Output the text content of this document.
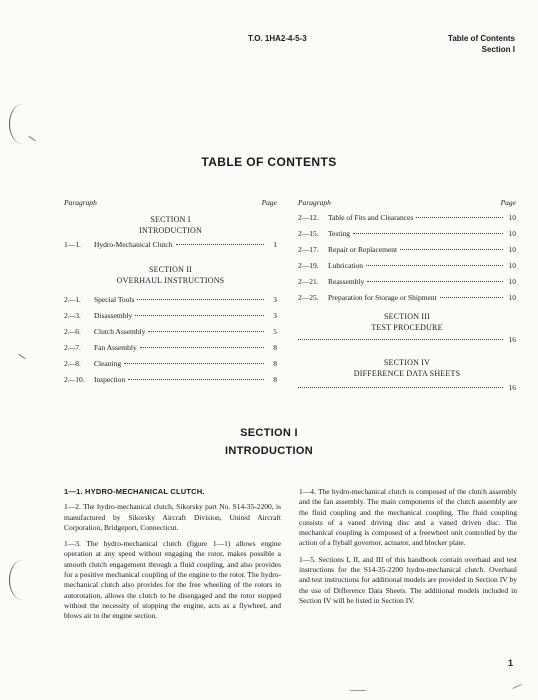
T.O. 1HA2-4-5-3	Table of Contents
Section I
TABLE OF CONTENTS
Paragraph	Page
SECTION I
INTRODUCTION
1—1.	Hydro-Mechanical Clutch	1
SECTION II
OVERHAUL INSTRUCTIONS
2—1.	Special Tools	3
2—3.	Disassembly	3
2—6.	Clutch Assembly	5
2—7.	Fan Assembly	8
2—8.	Cleaning	8
2—10.	Inspection	8
Paragraph	Page
2—12.	Table of Fits and Clearances	10
2—15.	Testing	10
2—17.	Repair or Replacement	10
2—19.	Lubrication	10
2—21.	Reassembly	10
2—25.	Preparation for Storage or Shipment	10
SECTION III
TEST PROCEDURE
16
SECTION IV
DIFFERENCE DATA SHEETS
16
SECTION I
INTRODUCTION
1—1. HYDRO-MECHANICAL CLUTCH.

1—2. The hydro-mechanical clutch, Sikorsky part No. S14-35-2200, is manufactured by Sikorsky Aircraft Division, United Aircraft Corporation, Bridgeport, Connecticut.

1—3. The hydro-mechanical clutch (figure 1—1) allows engine operation at any speed without engaging the rotor, makes possible a smooth clutch engagement through a fluid coupling, and also provides for a positive mechanical coupling of the engine to the rotor. The hydro-mechanical clutch also provides for the free wheeling of the rotors in autorotation, allows the clutch to be disengaged and the rotor stopped without the necessity of stopping the engine, acts as a flywheel, and blows air to the engine section.

1—4. The hydro-mechanical clutch is composed of the clutch assembly and the fan assembly. The main components of the clutch assembly are the fluid coupling and the mechanical coupling. The fluid coupling consists of a vaned driving disc and a vaned driven disc. The mechanical coupling is composed of a freewheel unit controlled by the action of a flyball governor, actuator, and blocker plate.

1—5. Sections I, II, and III of this handbook contain overhaul and test instructions for the S14-35-2200 hydro-mechanical clutch. Overhaul and test instructions for additional models are provided in Section IV by the use of Difference Data Sheets. The additional models included in Section IV will be listed in Section IV.

1
